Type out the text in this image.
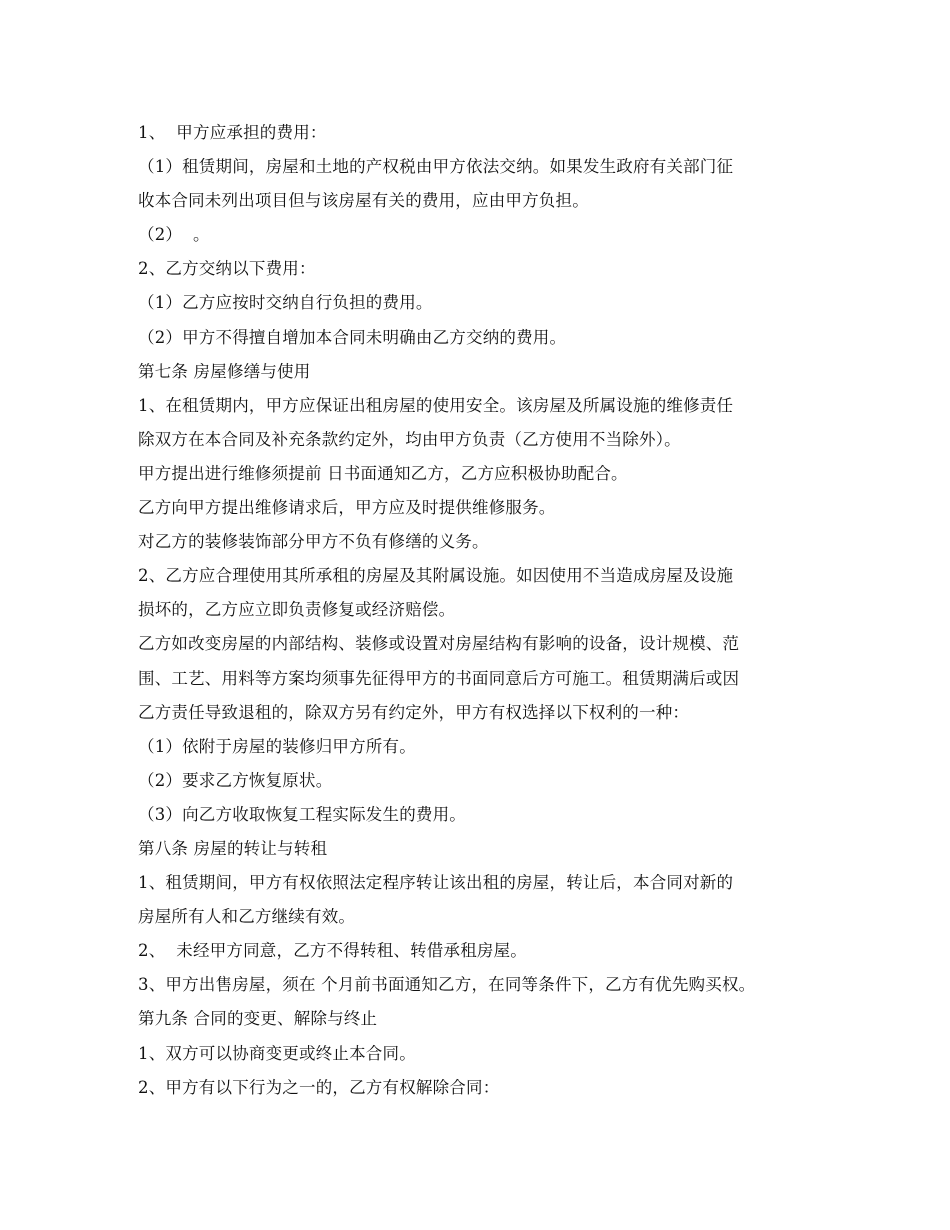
1、  甲方应承担的费用：
（1）租赁期间，房屋和土地的产权税由甲方依法交纳。如果发生政府有关部门征
收本合同未列出项目但与该房屋有关的费用，应由甲方负担。
（2）  。
2、乙方交纳以下费用：
（1）乙方应按时交纳自行负担的费用。
（2）甲方不得擅自增加本合同未明确由乙方交纳的费用。
第七条 房屋修缮与使用
1、在租赁期内，甲方应保证出租房屋的使用安全。该房屋及所属设施的维修责任
除双方在本合同及补充条款约定外，均由甲方负责（乙方使用不当除外）。
甲方提出进行维修须提前 日书面通知乙方，乙方应积极协助配合。
乙方向甲方提出维修请求后，甲方应及时提供维修服务。
对乙方的装修装饰部分甲方不负有修缮的义务。
2、乙方应合理使用其所承租的房屋及其附属设施。如因使用不当造成房屋及设施
损坏的，乙方应立即负责修复或经济赔偿。
乙方如改变房屋的内部结构、装修或设置对房屋结构有影响的设备，设计规模、范
围、工艺、用料等方案均须事先征得甲方的书面同意后方可施工。租赁期满后或因
乙方责任导致退租的，除双方另有约定外，甲方有权选择以下权利的一种：
（1）依附于房屋的装修归甲方所有。
（2）要求乙方恢复原状。
（3）向乙方收取恢复工程实际发生的费用。
第八条 房屋的转让与转租
1、租赁期间，甲方有权依照法定程序转让该出租的房屋，转让后，本合同对新的
房屋所有人和乙方继续有效。
2、  未经甲方同意，乙方不得转租、转借承租房屋。
3、甲方出售房屋，须在 个月前书面通知乙方，在同等条件下，乙方有优先购买权。
第九条 合同的变更、解除与终止
1、双方可以协商变更或终止本合同。
2、甲方有以下行为之一的，乙方有权解除合同：
